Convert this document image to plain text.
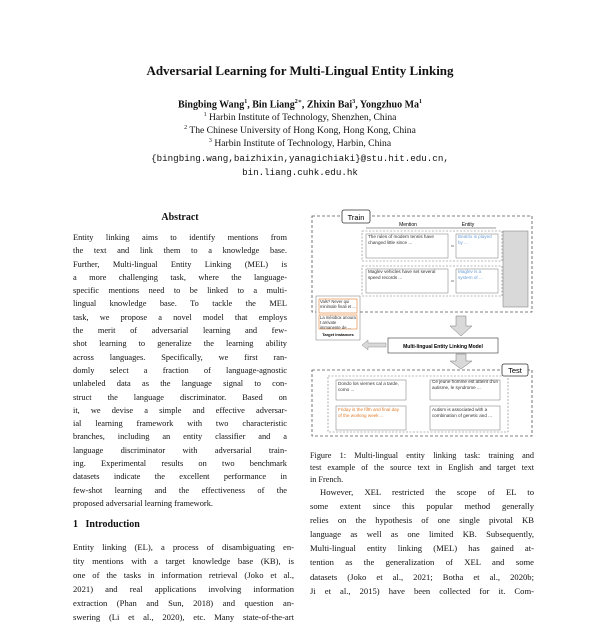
Adversarial Learning for Multi-Lingual Entity Linking
Bingbing Wang$^1$, Bin Liang$^{2∗}$, Zhixin Bai$^3$, Yongzhuo Ma$^1$
$^1$ Harbin Institute of Technology, Shenzhen, China
$^2$ The Chinese University of Hong Kong, Hong Kong, China
$^3$ Harbin Institute of Technology, Harbin, China
{bingbing.wang,baizhixin,yanagichiaki}@stu.hit.edu.cn,
bin.liang.cuhk.edu.hk
Abstract
Entity linking aims to identify mentions from
the text and link them to a knowledge base.
Further, Multi-lingual Entity Linking (MEL) is
a more challenging task, where the language-
specific mentions need to be linked to a multi-
lingual knowledge base. To tackle the MEL
task, we propose a novel model that employs
the merit of adversarial learning and few-
shot learning to generalize the learning ability
across languages. Specifically, we first ran-
domly select a fraction of language-agnostic
unlabeled data as the language signal to con-
struct the language discriminator. Based on
it, we devise a simple and effective adversar-
ial learning framework with two characteristic
branches, including an entity classifier and a
language discriminator with adversarial train-
ing. Experimental results on two benchmark
datasets indicate the excellent performance in
few-shot learning and the effectiveness of the
proposed adversarial learning framework.
1 Introduction
Entity linking (EL), a process of disambiguating en-
tity mentions with a target knowledge base (KB), is
one of the tasks in information retrieval (Joko et al.,
2021) and real applications involving information
extraction (Phan and Sun, 2018) and question an-
swering (Li et al., 2020), etc. Many state-of-the-art
Train
Mention	Entity
Target Instances
Multi-lingual Entity Linking Model
Test
The rules of modern tennis have changed little since ...
Beatrix is played by ...
Maglev vehicles have set several speed records ...
Maglev is a system of ...
Vals? Never qui minimale finali et ...
La méiobox anoura t arrivate immanente de ...
Dondo los viernes cal a tarde, como ...
Ce jeune homme est atteint d'un autisme, le syndrome ...
Friday is the fifth and final day of the working week ...
Autism is associated with a combination of genetic and ...
Figure 1: Multi-lingual entity linking task: training and
test example of the source text in English and target text
in French.
However, XEL restricted the scope of EL to
some extent since this popular method generally
relies on the hypothesis of one single pivotal KB
language as well as one limited KB. Subsequently,
Multi-lingual entity linking (MEL) has gained at-
tention as the generalization of XEL and some
datasets (Joko et al., 2021; Botha et al., 2020b;
Ji et al., 2015) have been collected for it. Com-
